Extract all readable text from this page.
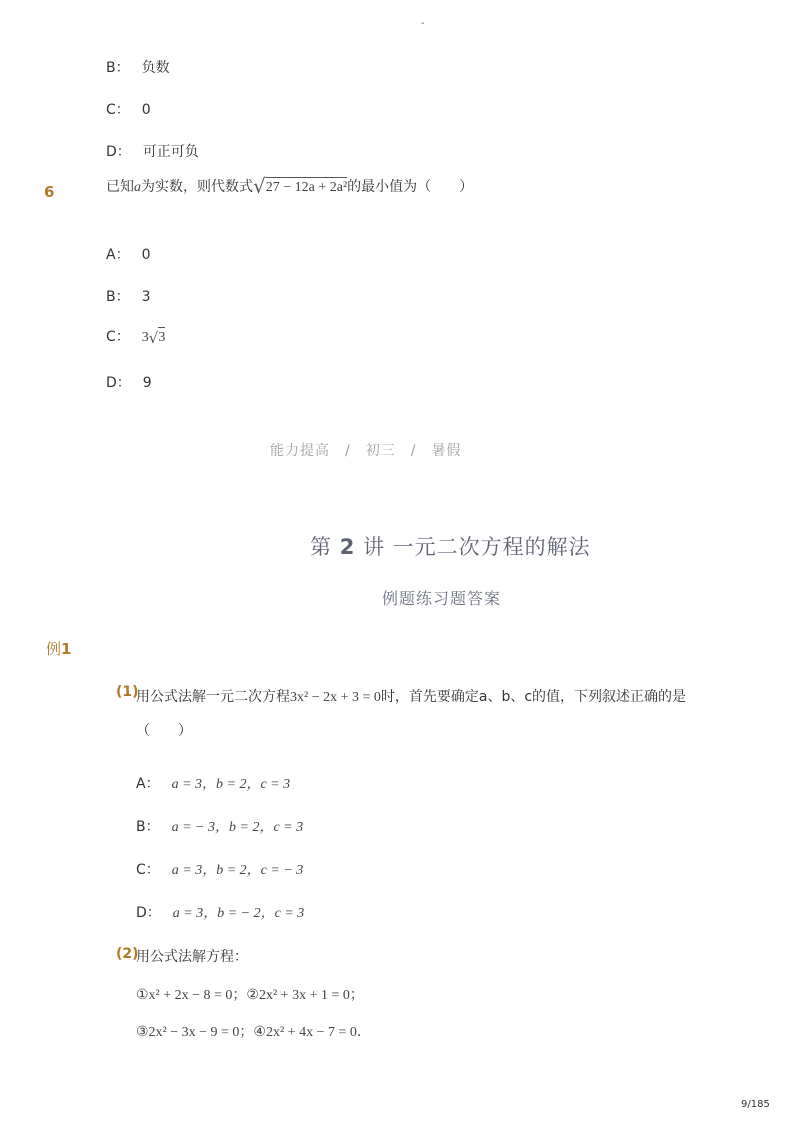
-
B： 负数
C： 0
D： 可正可负
6	已知a为实数，则代数式√27 − 12a + 2a²的最小值为（　　）
A： 0
B： 3
C： 3√3
D： 9
能力提高　/　初三　/　暑假
第 2 讲 一元二次方程的解法
例题练习题答案
例1
(1)
用公式法解一元二次方程3x² − 2x + 3 = 0时，首先要确定a、b、c的值，下列叙述正确的是
（　　）
A： a = 3，b = 2，c = 3
B： a = − 3，b = 2，c = 3
C： a = 3，b = 2，c = − 3
D： a = 3，b = − 2，c = 3
(2)
用公式法解方程：
①x² + 2x − 8 = 0；②2x² + 3x + 1 = 0；
③2x² − 3x − 9 = 0；④2x² + 4x − 7 = 0．
9/185
